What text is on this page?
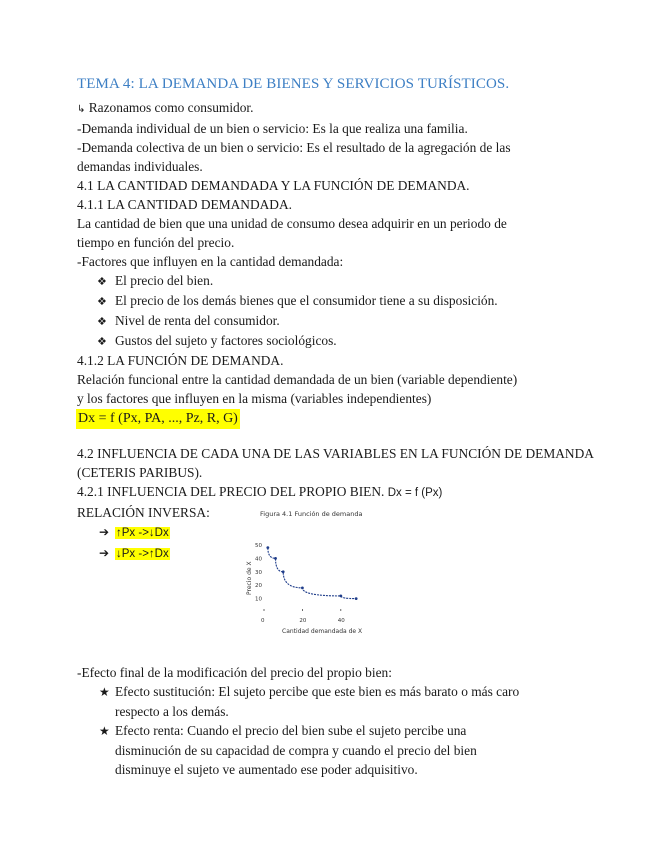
TEMA 4: LA DEMANDA DE BIENES Y SERVICIOS TURÍSTICOS.
↳ Razonamos como consumidor.
-Demanda individual de un bien o servicio: Es la que realiza una familia.
-Demanda colectiva de un bien o servicio: Es el resultado de la agregación de las
demandas individuales.
4.1 LA CANTIDAD DEMANDADA Y LA FUNCIÓN DE DEMANDA.
4.1.1 LA CANTIDAD DEMANDADA.
La cantidad de bien que una unidad de consumo desea adquirir en un periodo de
tiempo en función del precio.
-Factores que influyen en la cantidad demandada:
❖ El precio del bien.
❖ El precio de los demás bienes que el consumidor tiene a su disposición.
❖ Nivel de renta del consumidor.
❖ Gustos del sujeto y factores sociológicos.
4.1.2 LA FUNCIÓN DE DEMANDA.
Relación funcional entre la cantidad demandada de un bien (variable dependiente)
y los factores que influyen en la misma (variables independientes)
Dx = f (Px, PA, ..., Pz, R, G)
4.2 INFLUENCIA DE CADA UNA DE LAS VARIABLES EN LA FUNCIÓN DE DEMANDA
(CETERIS PARIBUS).
4.2.1 INFLUENCIA DEL PRECIO DEL PROPIO BIEN. Dx = f (Px)
RELACIÓN INVERSA:
➔ ↑Px ->↓Dx
➔ ↓Px ->↑Dx
-Efecto final de la modificación del precio del propio bien:
★ Efecto sustitución: El sujeto percibe que este bien es más barato o más caro
respecto a los demás.
★ Efecto renta: Cuando el precio del bien sube el sujeto percibe una
disminución de su capacidad de compra y cuando el precio del bien
disminuye el sujeto ve aumentado ese poder adquisitivo.
Figura 4.1 Función de demanda
Precio de X
Cantidad demandada de X
50
40
30
20
10
0	20	40
